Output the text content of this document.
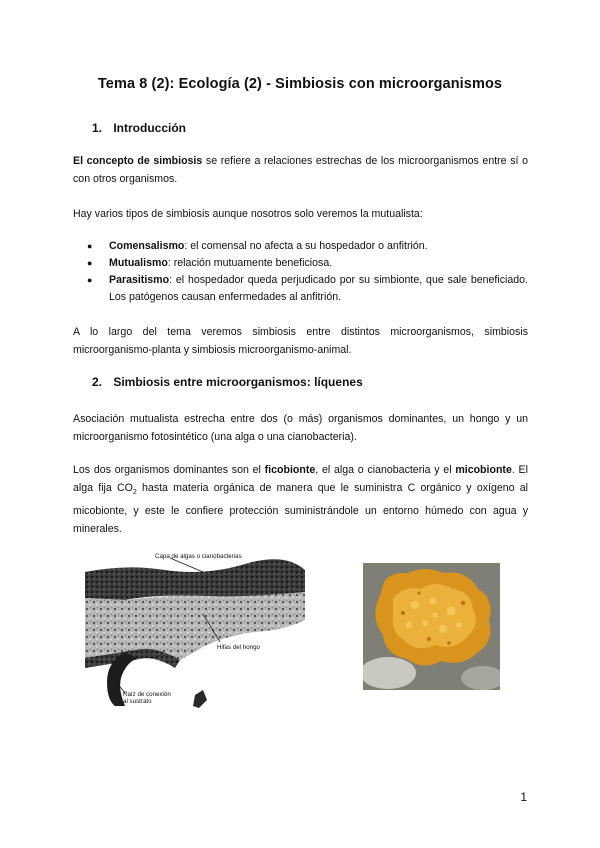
Tema 8 (2): Ecología (2) - Simbiosis con microorganismos
1. Introducción
El concepto de simbiosis se refiere a relaciones estrechas de los microorganismos entre sí o con otros organismos.
Hay varios tipos de simbiosis aunque nosotros solo veremos la mutualista:
● Comensalismo: el comensal no afecta a su hospedador o anfitrión.
● Mutualismo: relación mutuamente beneficiosa.
● Parasitismo: el hospedador queda perjudicado por su simbionte, que sale beneficiado. Los patógenos causan enfermedades al anfitrión.
A lo largo del tema veremos simbiosis entre distintos microorganismos, simbiosis microorganismo-planta y simbiosis microorganismo-animal.
2. Simbiosis entre microorganismos: líquenes
Asociación mutualista estrecha entre dos (o más) organismos dominantes, un hongo y un microorganismo fotosintético (una alga o una cianobacteria).
Los dos organismos dominantes son el ficobionte, el alga o cianobacteria y el micobionte. El alga fija $CO_2$ hasta materia orgánica de manera que le suministra C orgánico y oxígeno al micobionte, y este le confiere protección suministrándole un entorno húmedo con agua y minerales.
Capa de algas o cianobacterias
Hifas del hongo
Raíz de conexión
al sustrato
1
